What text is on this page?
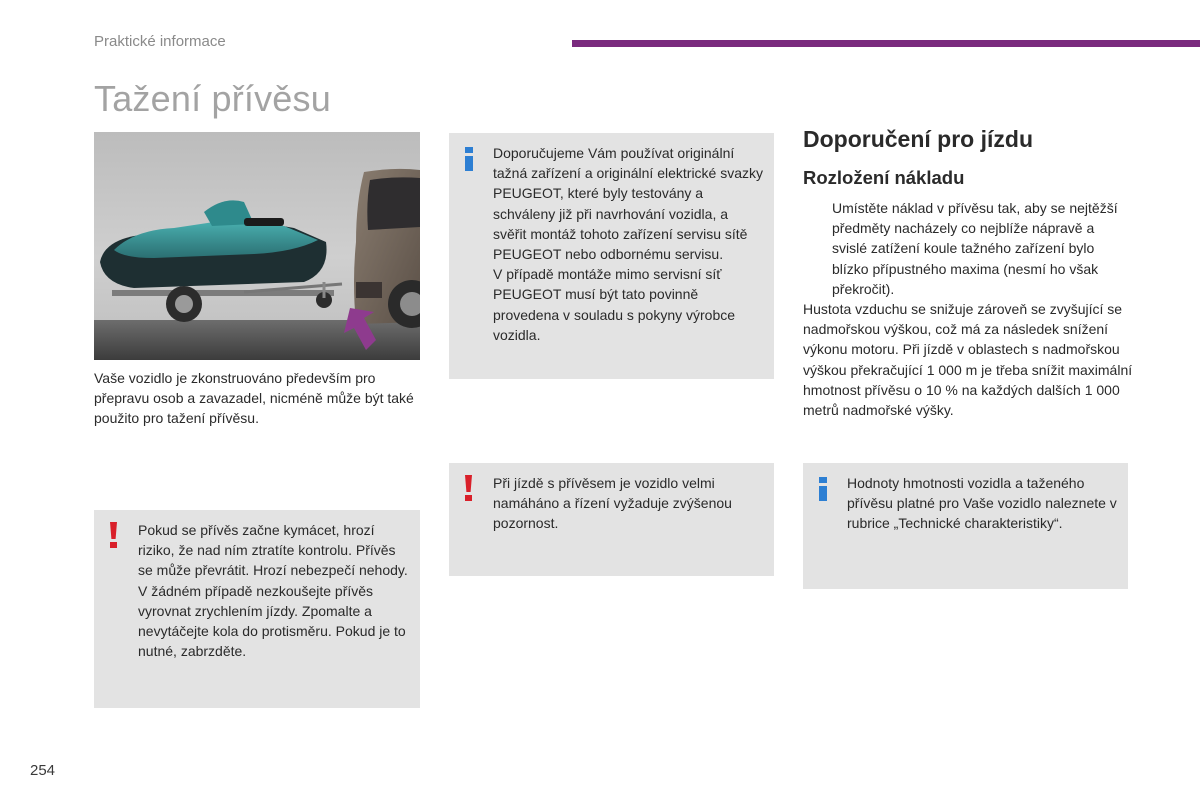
Praktické informace
Tažení přívěsu

Vaše vozidlo je zkonstruováno především pro přepravu osob a zavazadel, nicméně může být také použito pro tažení přívěsu.

Doporučujeme Vám používat originální tažná zařízení a originální elektrické svazky PEUGEOT, které byly testovány a schváleny již při navrhování vozidla, a svěřit montáž tohoto zařízení servisu sítě PEUGEOT nebo odbornému servisu.

V případě montáže mimo servisní síť PEUGEOT musí být tato povinně provedena v souladu s pokyny výrobce vozidla.

Při jízdě s přívěsem je vozidlo velmi namáháno a řízení vyžaduje zvýšenou pozornost.

Pokud se přívěs začne kymácet, hrozí riziko, že nad ním ztratíte kontrolu. Přívěs se může převrátit. Hrozí nebezpečí nehody.

V žádném případě nezkoušejte přívěs vyrovnat zrychlením jízdy. Zpomalte a nevytáčejte kola do protisměru. Pokud je to nutné, zabrzděte.

Doporučení pro jízdu
Rozložení nákladu
Umístěte náklad v přívěsu tak, aby se nejtěžší předměty nacházely co nejblíže nápravě a svislé zatížení koule tažného zařízení bylo blízko přípustného maxima (nesmí ho však překročit).

Hustota vzduchu se snižuje zároveň se zvyšující se nadmořskou výškou, což má za následek snížení výkonu motoru. Při jízdě v oblastech s nadmořskou výškou překračující 1 000 m je třeba snížit maximální hmotnost přívěsu o 10 % na každých dalších 1 000 metrů nadmořské výšky.

Hodnoty hmotnosti vozidla a taženého přívěsu platné pro Vaše vozidlo naleznete v rubrice „Technické charakteristiky“.

254
